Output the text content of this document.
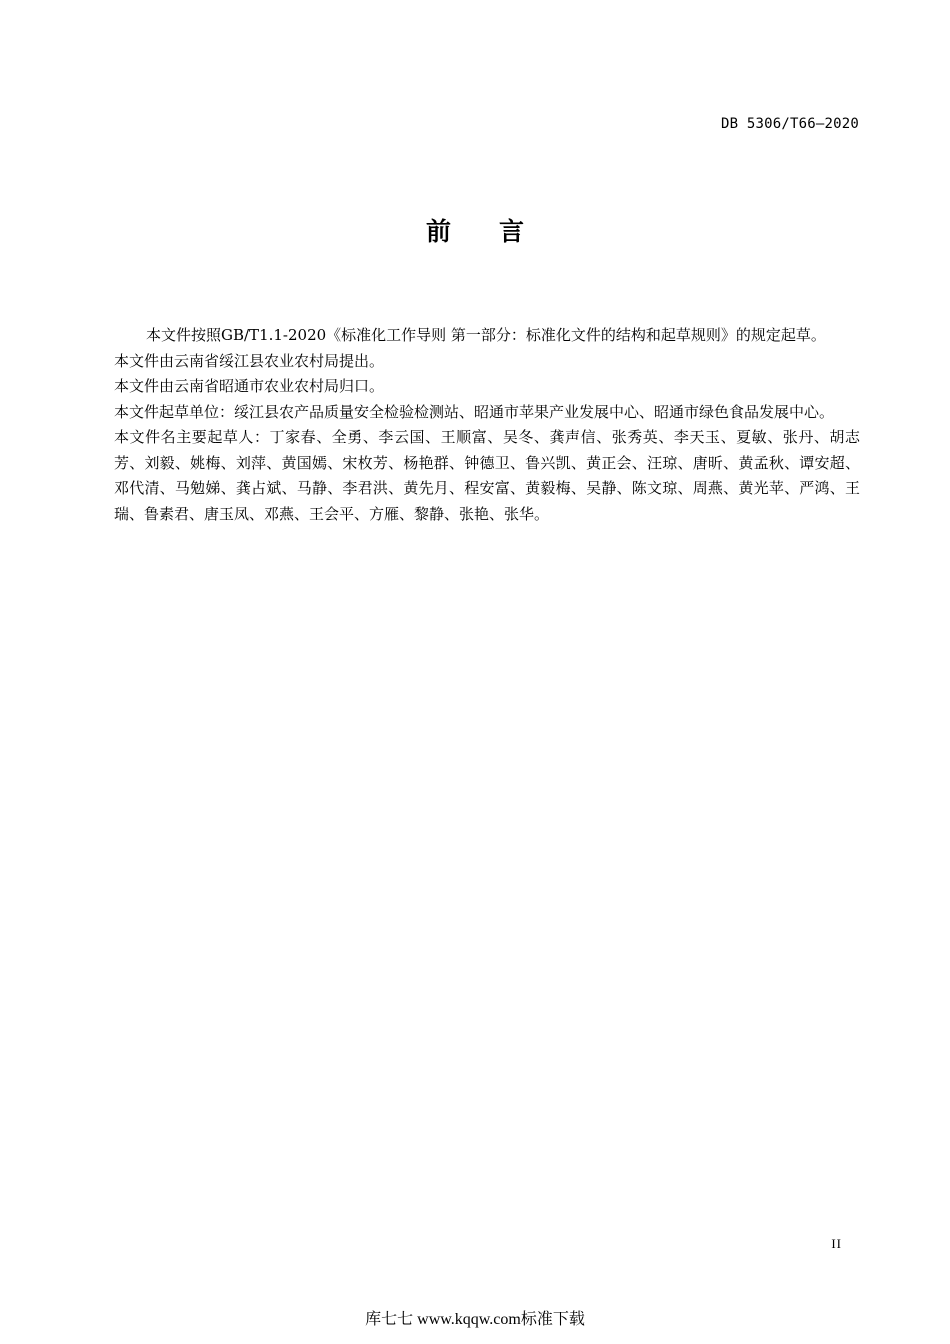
DB 5306/T66—2020
前 言

本文件按照GB/T1.1-2020《标准化工作导则 第一部分：标准化文件的结构和起草规则》的规定起草。

本文件由云南省绥江县农业农村局提出。

本文件由云南省昭通市农业农村局归口。

本文件起草单位：绥江县农产品质量安全检验检测站、昭通市苹果产业发展中心、昭通市绿色食品发展中心。

本文件名主要起草人：丁家春、全勇、李云国、王顺富、吴冬、龚声信、张秀英、李天玉、夏敏、张丹、胡志芳、刘毅、姚梅、刘萍、黄国嫣、宋枚芳、杨艳群、钟德卫、鲁兴凯、黄正会、汪琼、唐昕、黄孟秋、谭安超、邓代清、马勉娣、龚占斌、马静、李君洪、黄先月、程安富、黄毅梅、吴静、陈文琼、周燕、黄光苹、严鸿、王瑞、鲁素君、唐玉凤、邓燕、王会平、方雁、黎静、张艳、张华。

II
库七七 www.kqqw.com标准下载
